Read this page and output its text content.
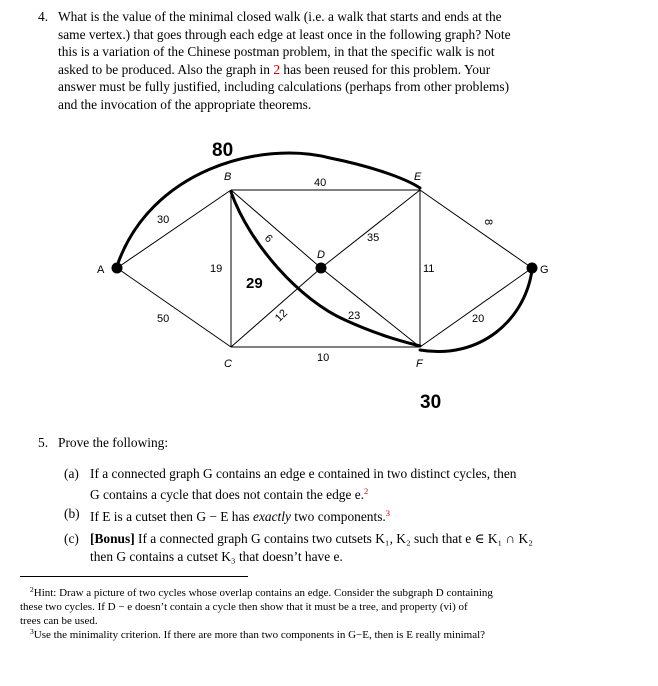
4. What is the value of the minimal closed walk (i.e. a walk that starts and ends at the
same vertex.) that goes through each edge at least once in the following graph? Note
this is a variation of the Chinese postman problem, in that the specific walk is not
asked to be produced. Also the graph in 2 has been reused for this problem. Your
answer must be fully justified, including calculations (perhaps from other problems)
and the invocation of the appropriate theorems.
A
B
C
D
E
F
G
30
50
40
19
6
12
35
23
11
8
20
10
80
29
30
5. Prove the following:
(a) If a connected graph G contains an edge e contained in two distinct cycles, then
G contains a cycle that does not contain the edge e.$^2$
(b) If E is a cutset then G − E has exactly two components.$^3$
(c) [Bonus] If a connected graph G contains two cutsets K₁, K₂ such that e ∈ K₁ ∩ K₂
then G contains a cutset K₃ that doesn’t have e.
$^2$Hint: Draw a picture of two cycles whose overlap contains an edge. Consider the subgraph D containing
these two cycles. If D − e doesn’t contain a cycle then show that it must be a tree, and property (vi) of
trees can be used.
$^3$Use the minimality criterion. If there are more than two components in G−E, then is E really minimal?
